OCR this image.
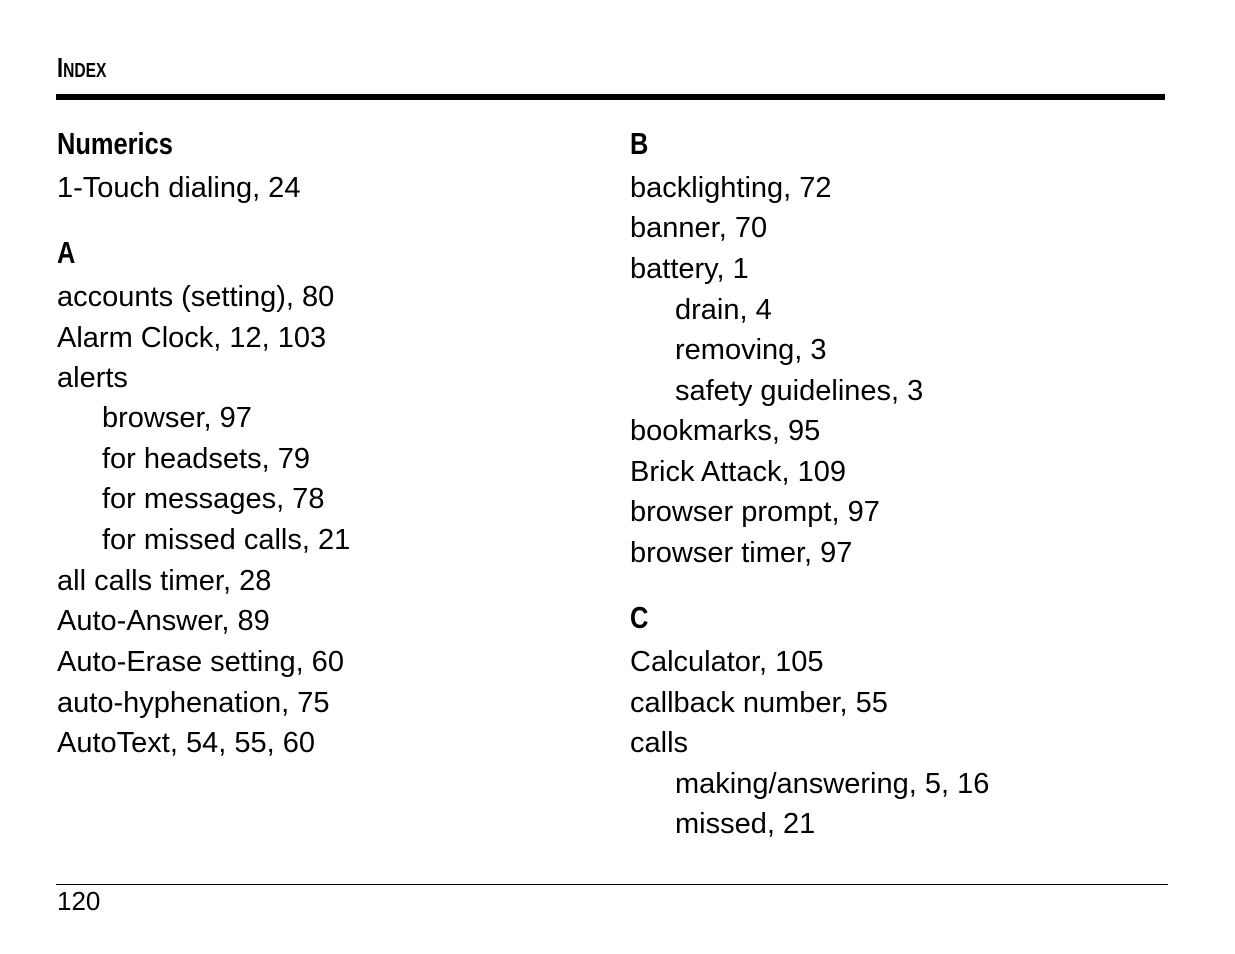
Index
Numerics
1-Touch dialing, 24
A
accounts (setting), 80
Alarm Clock, 12, 103
alerts
browser, 97
for headsets, 79
for messages, 78
for missed calls, 21
all calls timer, 28
Auto-Answer, 89
Auto-Erase setting, 60
auto-hyphenation, 75
AutoText, 54, 55, 60
B
backlighting, 72
banner, 70
battery, 1
drain, 4
removing, 3
safety guidelines, 3
bookmarks, 95
Brick Attack, 109
browser prompt, 97
browser timer, 97
C
Calculator, 105
callback number, 55
calls
making/answering, 5, 16
missed, 21
120
